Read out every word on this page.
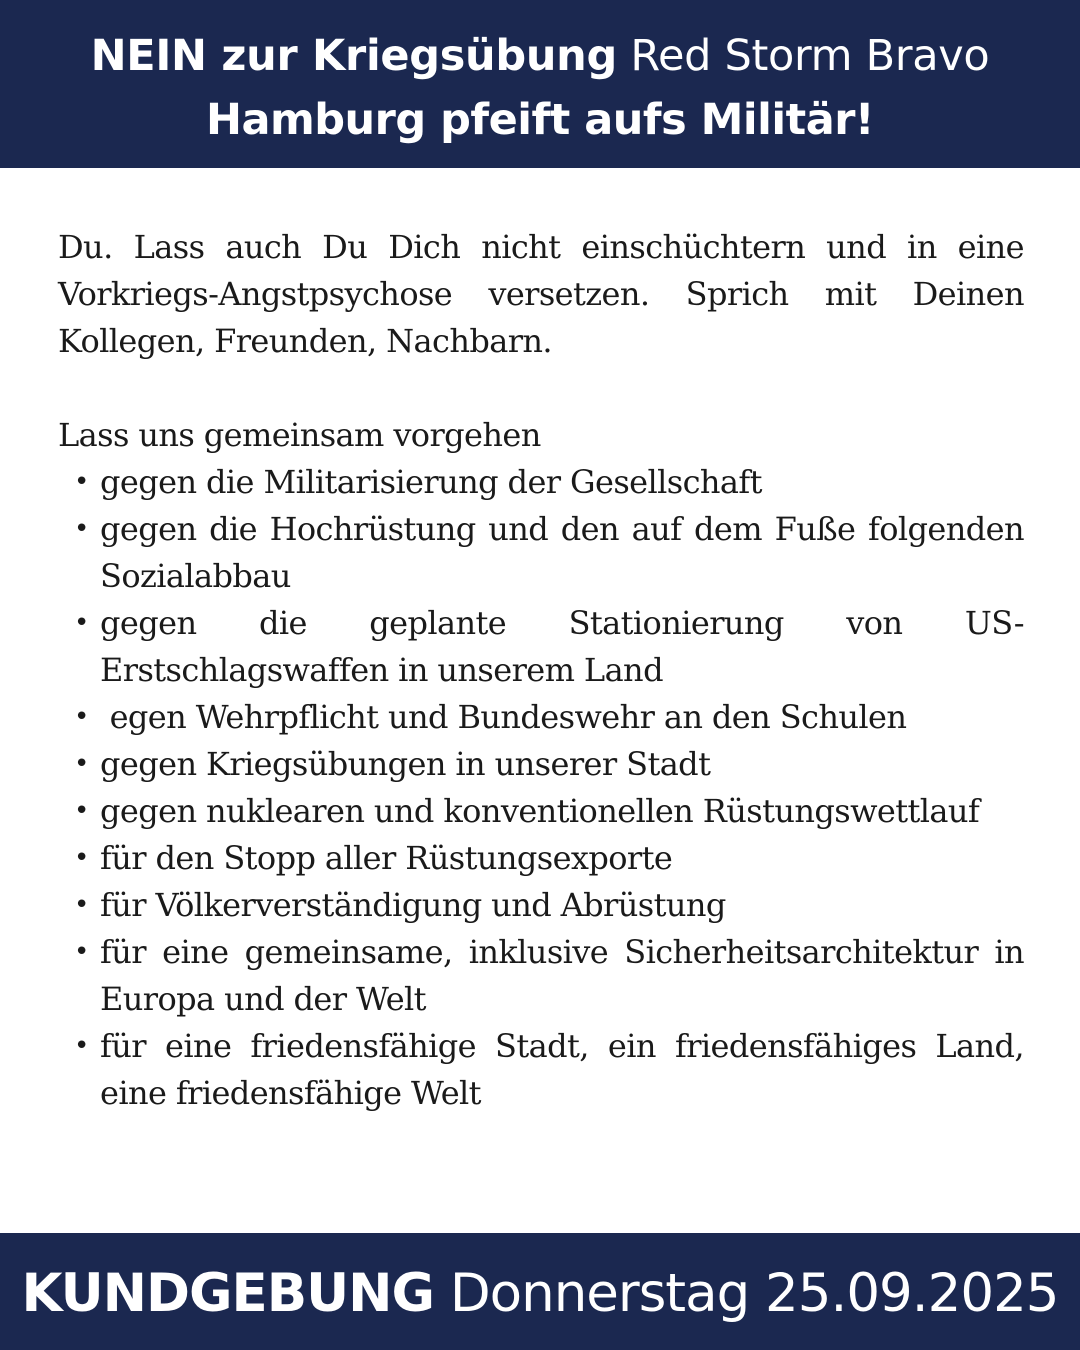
NEIN zur Kriegsübung Red Storm Bravo
Hamburg pfeift aufs Militär!

Du. Lass auch Du Dich nicht einschüchtern und in eine Vorkriegs-Angstpsychose versetzen. Sprich mit Deinen Kollegen, Freunden, Nachbarn.

Lass uns gemeinsam vorgehen

• gegen die Militarisierung der Gesellschaft
• gegen die Hochrüstung und den auf dem Fuße folgenden Sozialabbau
• gegen die geplante Stationierung von US-Erstschlagswaffen in unserem Land
• egen Wehrpflicht und Bundeswehr an den Schulen
• gegen Kriegsübungen in unserer Stadt
• gegen nuklearen und konventionellen Rüstungswettlauf
• für den Stopp aller Rüstungsexporte
• für Völkerverständigung und Abrüstung
• für eine gemeinsame, inklusive Sicherheitsarchitektur in Europa und der Welt
• für eine friedensfähige Stadt, ein friedensfähiges Land, eine friedensfähige Welt
KUNDGEBUNG Donnerstag 25.09.2025
